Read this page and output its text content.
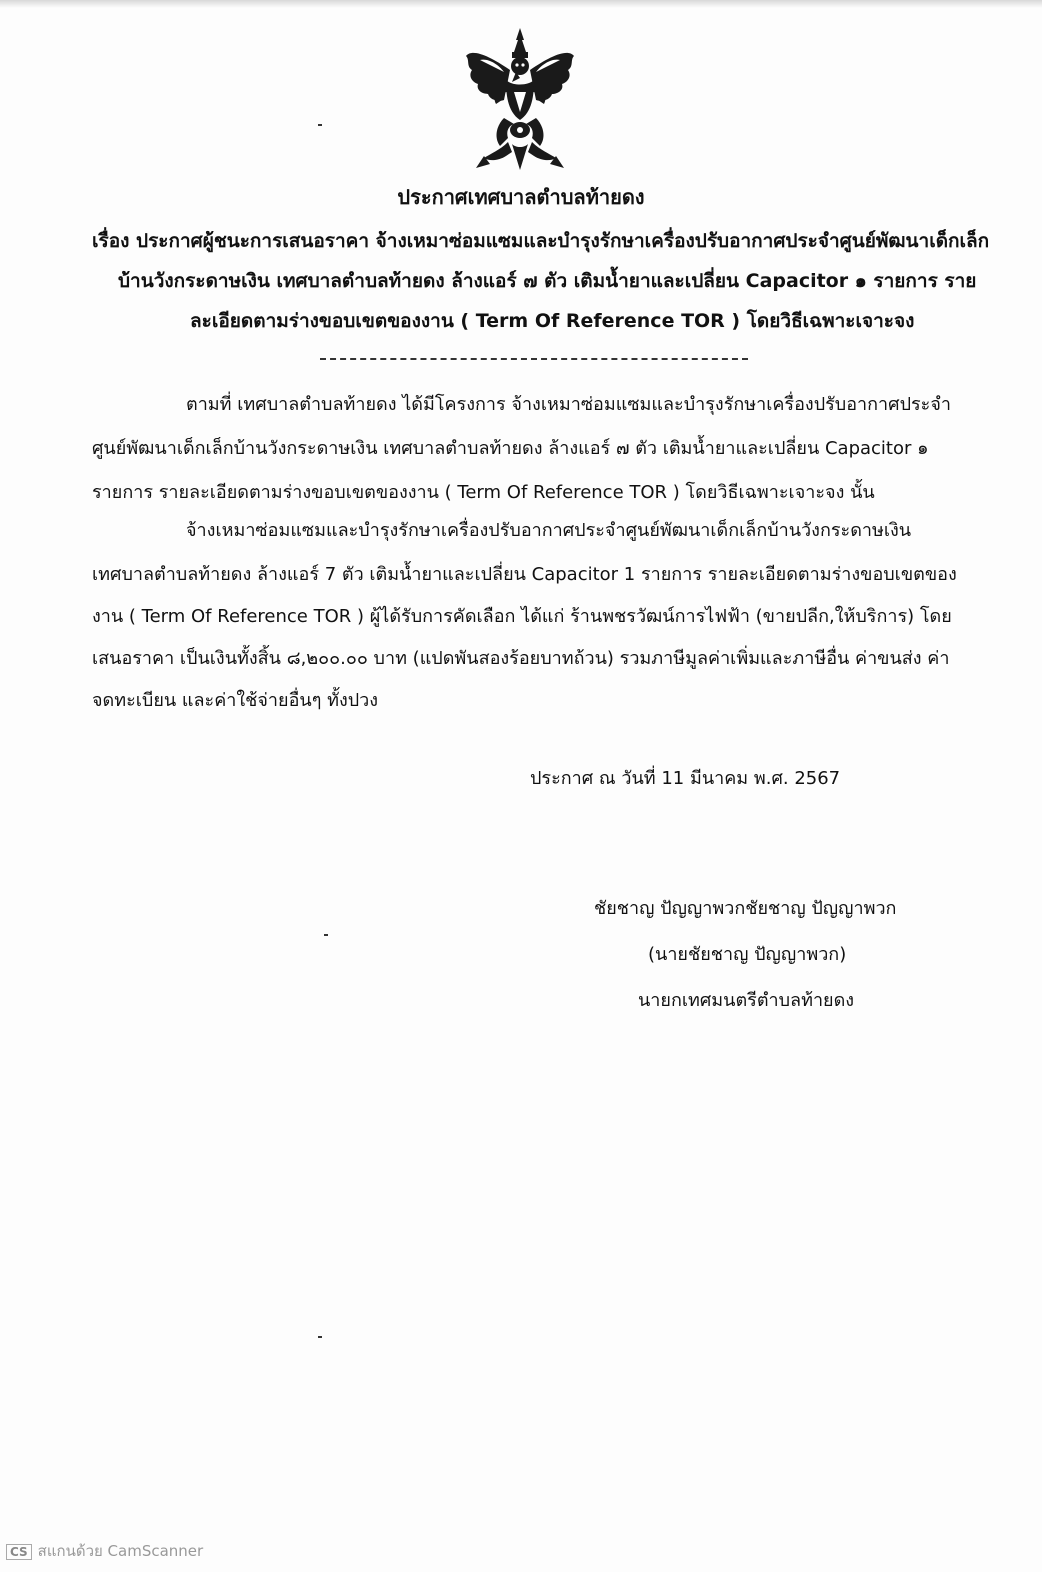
ประกาศเทศบาลตำบลท้ายดง
เรื่อง ประกาศผู้ชนะการเสนอราคา จ้างเหมาซ่อมแซมและบำรุงรักษาเครื่องปรับอากาศประจำศูนย์พัฒนาเด็กเล็ก
บ้านวังกระดาษเงิน เทศบาลตำบลท้ายดง ล้างแอร์ ๗ ตัว เติมน้ำยาและเปลี่ยน Capacitor ๑ รายการ ราย
ละเอียดตามร่างขอบเขตของงาน ( Term Of Reference TOR ) โดยวิธีเฉพาะเจาะจง
ตามที่ เทศบาลตำบลท้ายดง ได้มีโครงการ จ้างเหมาซ่อมแซมและบำรุงรักษาเครื่องปรับอากาศประจำ
ศูนย์พัฒนาเด็กเล็กบ้านวังกระดาษเงิน เทศบาลตำบลท้ายดง ล้างแอร์ ๗ ตัว เติมน้ำยาและเปลี่ยน Capacitor ๑
รายการ รายละเอียดตามร่างขอบเขตของงาน ( Term Of Reference TOR ) โดยวิธีเฉพาะเจาะจง นั้น
จ้างเหมาซ่อมแซมและบำรุงรักษาเครื่องปรับอากาศประจำศูนย์พัฒนาเด็กเล็กบ้านวังกระดาษเงิน
เทศบาลตำบลท้ายดง ล้างแอร์ 7 ตัว เติมน้ำยาและเปลี่ยน Capacitor 1 รายการ รายละเอียดตามร่างขอบเขตของ
งาน ( Term Of Reference TOR ) ผู้ได้รับการคัดเลือก ได้แก่ ร้านพชรวัฒน์การไฟฟ้า (ขายปลีก,ให้บริการ) โดย
เสนอราคา เป็นเงินทั้งสิ้น ๘,๒๐๐.๐๐ บาท (แปดพันสองร้อยบาทถ้วน) รวมภาษีมูลค่าเพิ่มและภาษีอื่น ค่าขนส่ง ค่า
จดทะเบียน และค่าใช้จ่ายอื่นๆ ทั้งปวง
ประกาศ ณ วันที่ 11 มีนาคม พ.ศ. 2567
ชัยชาญ ปัญญาพวกชัยชาญ ปัญญาพวก
(นายชัยชาญ ปัญญาพวก)
นายกเทศมนตรีตำบลท้ายดง
CS สแกนด้วย CamScanner
